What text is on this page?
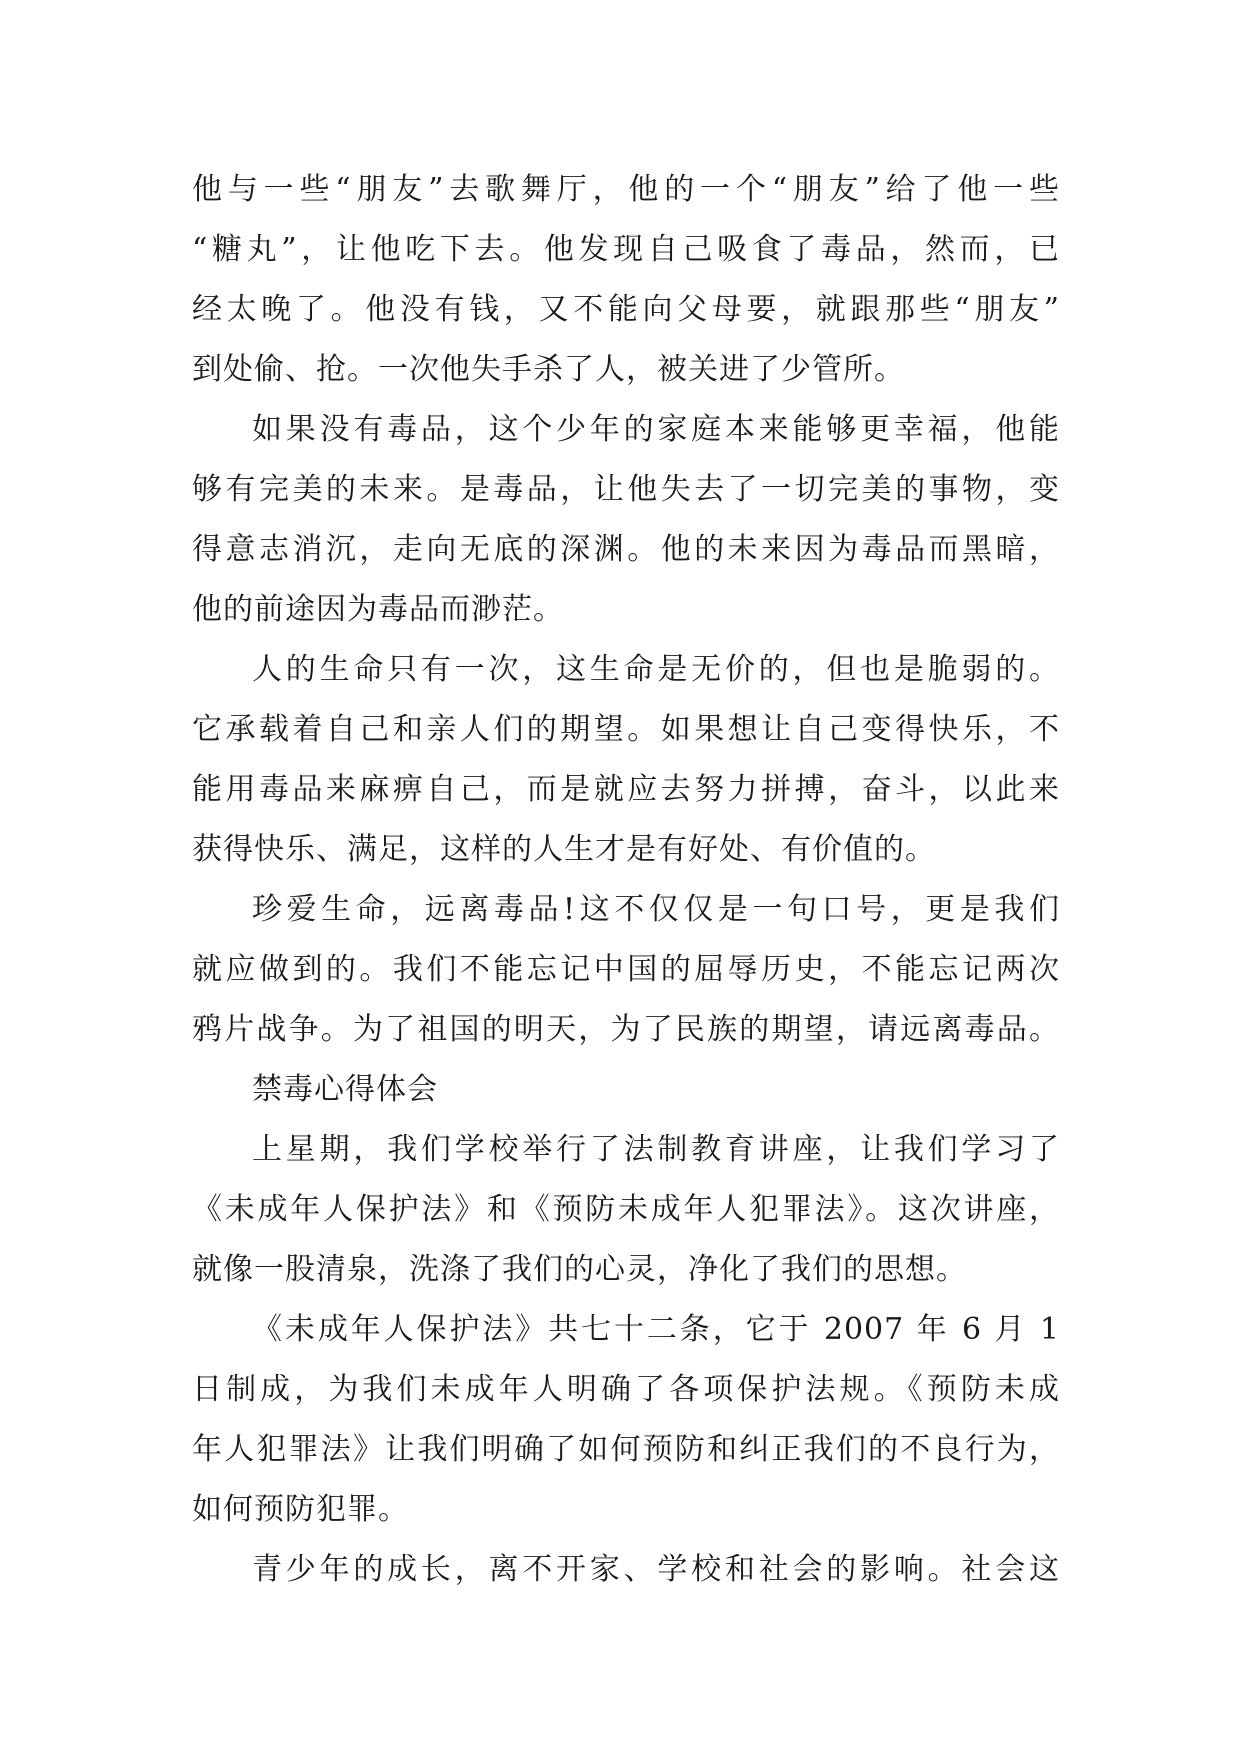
他与一些“朋友”去歌舞厅，他的一个“朋友”给了他一些
“糖丸”，让他吃下去。他发现自己吸食了毒品，然而，已
经太晚了。他没有钱，又不能向父母要，就跟那些“朋友”
到处偷、抢。一次他失手杀了人，被关进了少管所。
如果没有毒品，这个少年的家庭本来能够更幸福，他能
够有完美的未来。是毒品，让他失去了一切完美的事物，变
得意志消沉，走向无底的深渊。他的未来因为毒品而黑暗，
他的前途因为毒品而渺茫。
人的生命只有一次，这生命是无价的，但也是脆弱的。
它承载着自己和亲人们的期望。如果想让自己变得快乐，不
能用毒品来麻痹自己，而是就应去努力拼搏，奋斗，以此来
获得快乐、满足，这样的人生才是有好处、有价值的。
珍爱生命，远离毒品!这不仅仅是一句口号，更是我们
就应做到的。我们不能忘记中国的屈辱历史，不能忘记两次
鸦片战争。为了祖国的明天，为了民族的期望，请远离毒品。
禁毒心得体会
上星期，我们学校举行了法制教育讲座，让我们学习了
《未成年人保护法》和《预防未成年人犯罪法》。这次讲座，
就像一股清泉，洗涤了我们的心灵，净化了我们的思想。
《未成年人保护法》共七十二条，它于 2007 年 6 月 1
日制成，为我们未成年人明确了各项保护法规。《预防未成
年人犯罪法》让我们明确了如何预防和纠正我们的不良行为，
如何预防犯罪。
青少年的成长，离不开家、学校和社会的影响。社会这
